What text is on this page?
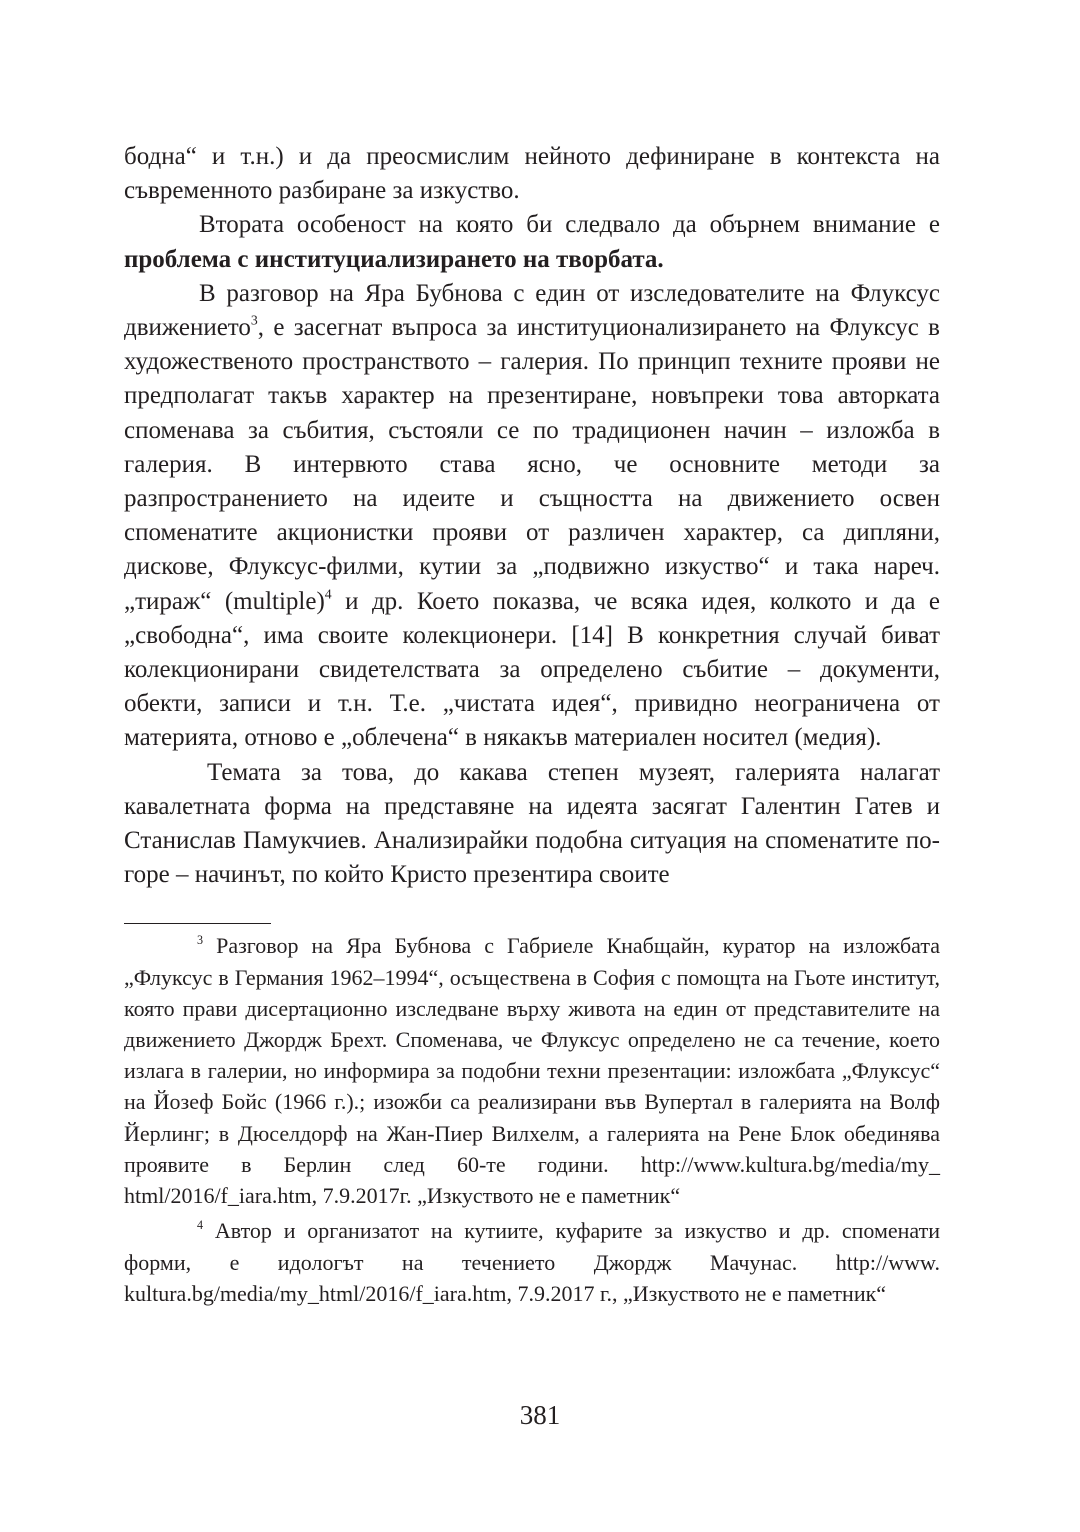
бодна“ и т.н.) и да преосмислим нейното дефиниране в контекста на съвременното разбиране за изкуство.

Втората особеност на която би следвало да обърнем внимание е проблема с институциализирането на творбата.

В разговор на Яра Бубнова с един от изследователите на Флуксус движението$^3$, е засегнат въпроса за институционализирането на Флуксус в художественото пространството – галерия. По принцип техните прояви не предполагат такъв характер на презентиране, новъпреки това авторката споменава за събития, състояли се по традиционен начин – изложба в галерия. В интервюто става ясно, че основните методи за разпространението на идеите и същността на движението освен споменатите акционистки прояви от различен характер, са дипляни, дискове, Флуксус-филми, кутии за „подвижно изкуство“ и така нареч. „тираж“ (multiple)$^4$ и др. Което показва, че всяка идея, колкото и да е „свободна“, има своите колекционери. [14] В конкретния случай биват колекционирани свидетелствата за определено събитие – документи, обекти, записи и т.н. Т.е. „чистата идея“, привидно неограничена от материята, отново е „облечена“ в някакъв материален носител (медия).

Темата за това, до какава степен музеят, галерията налагат кавалетната форма на представяне на идеята засягат Галентин Гатев и Станислав Памукчиев. Анализирайки подобна ситуация на споменатите по-горе – начинът, по който Кристо презентира своите

$^3$ Разговор на Яра Бубнова с Габриеле Кнабщайн, куратор на изложбата „Флуксус в Германия 1962–1994“, осъществена в София с помощта на Гьоте институт, която прави дисертационно изследване върху живота на един от представителите на движението Джордж Брехт. Споменава, че Флуксус определено не са течение, което излага в галерии, но информира за подобни техни презентации: изложбата „Флуксус“ на Йозеф Бойс (1966 г.).; изожби са реализирани във Вупертал в галерията на Волф Йерлинг; в Дюселдорф на Жан-Пиер Вилхелм, а галерията на Рене Блок обединява проявите в Берлин след 60-те години. http://www.kultura.bg/media/my_ html/2016/f_iara.htm, 7.9.2017г. „Изкуството не е паметник“

$^4$ Автор и организатот на кутиите, куфарите за изкуство и др. споменати форми, е идологът на течението Джордж Мачунас. http://www. kultura.bg/media/my_html/2016/f_iara.htm, 7.9.2017 г., „Изкуството не е паметник“

381
